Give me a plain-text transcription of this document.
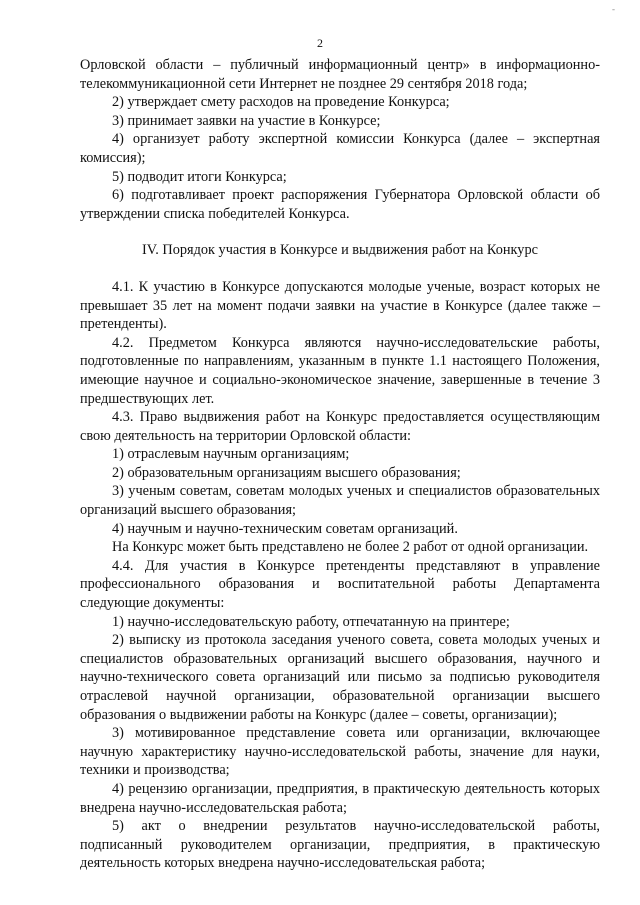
-
2

Орловской области – публичный информационный центр» в информационно-телекоммуникационной сети Интернет не позднее 29 сентября 2018 года;

2) утверждает смету расходов на проведение Конкурса;

3) принимает заявки на участие в Конкурсе;

4) организует работу экспертной комиссии Конкурса (далее – экспертная комиссия);

5) подводит итоги Конкурса;

6) подготавливает проект распоряжения Губернатора Орловской области об утверждении списка победителей Конкурса.

IV. Порядок участия в Конкурсе и выдвижения работ на Конкурс

4.1. К участию в Конкурсе допускаются молодые ученые, возраст которых не превышает 35 лет на момент подачи заявки на участие в Конкурсе (далее также – претенденты).

4.2. Предметом Конкурса являются научно-исследовательские работы, подготовленные по направлениям, указанным в пункте 1.1 настоящего Положения, имеющие научное и социально-экономическое значение, завершенные в течение 3 предшествующих лет.

4.3. Право выдвижения работ на Конкурс предоставляется осуществляющим свою деятельность на территории Орловской области:

1) отраслевым научным организациям;

2) образовательным организациям высшего образования;

3) ученым советам, советам молодых ученых и специалистов образовательных организаций высшего образования;

4) научным и научно-техническим советам организаций.

На Конкурс может быть представлено не более 2 работ от одной организации.

4.4. Для участия в Конкурсе претенденты представляют в управление профессионального образования и воспитательной работы Департамента следующие документы:

1) научно-исследовательскую работу, отпечатанную на принтере;

2) выписку из протокола заседания ученого совета, совета молодых ученых и специалистов образовательных организаций высшего образования, научного и научно-технического совета организаций или письмо за подписью руководителя отраслевой научной организации, образовательной организации высшего образования о выдвижении работы на Конкурс (далее – советы, организации);

3) мотивированное представление совета или организации, включающее научную характеристику научно-исследовательской работы, значение для науки, техники и производства;

4) рецензию организации, предприятия, в практическую деятельность которых внедрена научно-исследовательская работа;

5) акт о внедрении результатов научно-исследовательской работы, подписанный руководителем организации, предприятия, в практическую деятельность которых внедрена научно-исследовательская работа;
